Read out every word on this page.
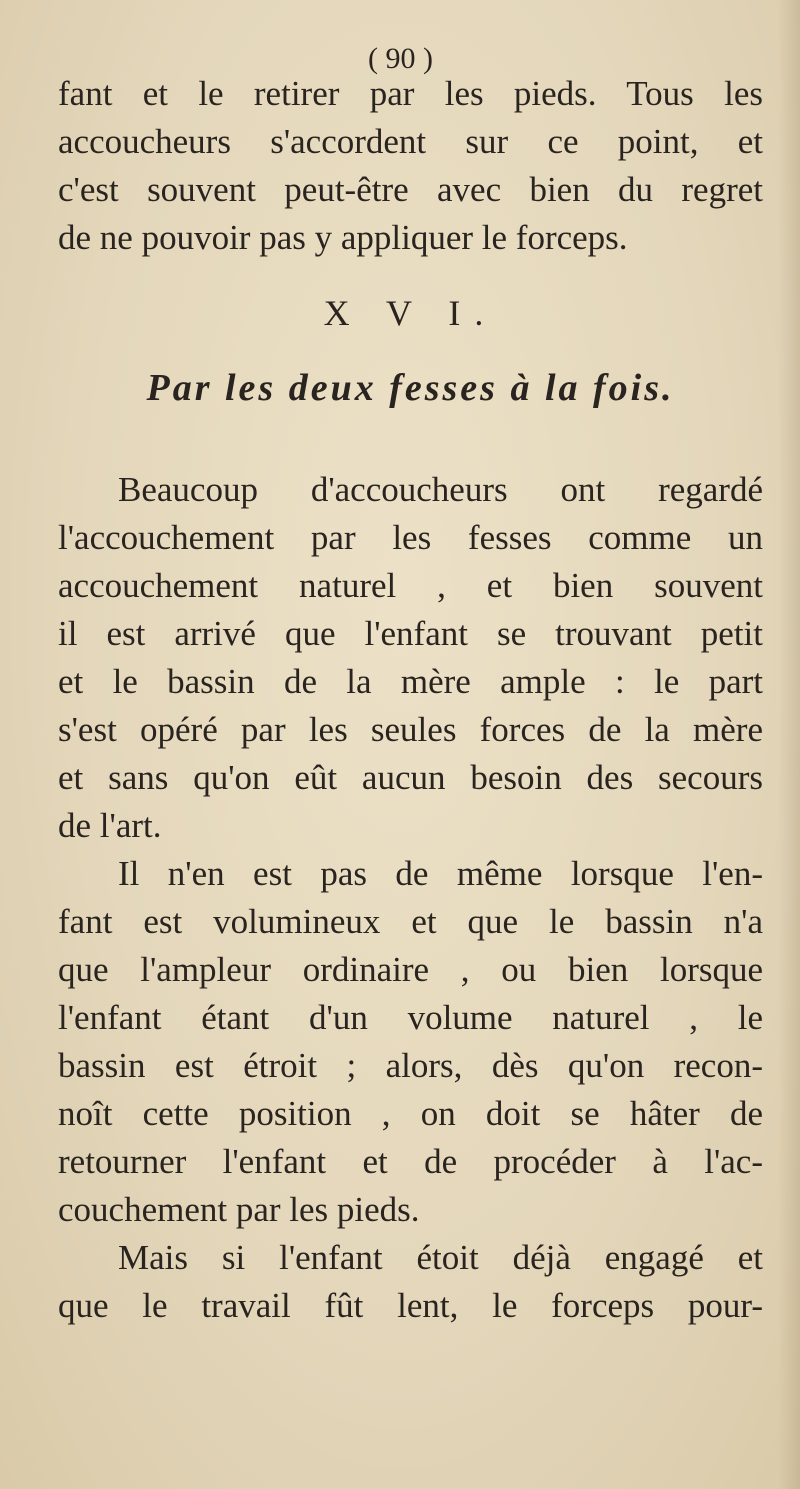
( 90 )
fant et le retirer par les pieds. Tous les
accoucheurs s'accordent sur ce point, et
c'est souvent peut-être avec bien du regret
de ne pouvoir pas y appliquer le forceps.
X V I.
Par les deux fesses à la fois.
Beaucoup d'accoucheurs ont regardé
l'accouchement par les fesses comme un
accouchement naturel , et bien souvent
il est arrivé que l'enfant se trouvant petit
et le bassin de la mère ample : le part
s'est opéré par les seules forces de la mère
et sans qu'on eût aucun besoin des secours
de l'art.
Il n'en est pas de même lorsque l'en-
fant est volumineux et que le bassin n'a
que l'ampleur ordinaire , ou bien lorsque
l'enfant étant d'un volume naturel , le
bassin est étroit ; alors, dès qu'on recon-
noît cette position , on doit se hâter de
retourner l'enfant et de procéder à l'ac-
couchement par les pieds.
Mais si l'enfant étoit déjà engagé et
que le travail fût lent, le forceps pour-
